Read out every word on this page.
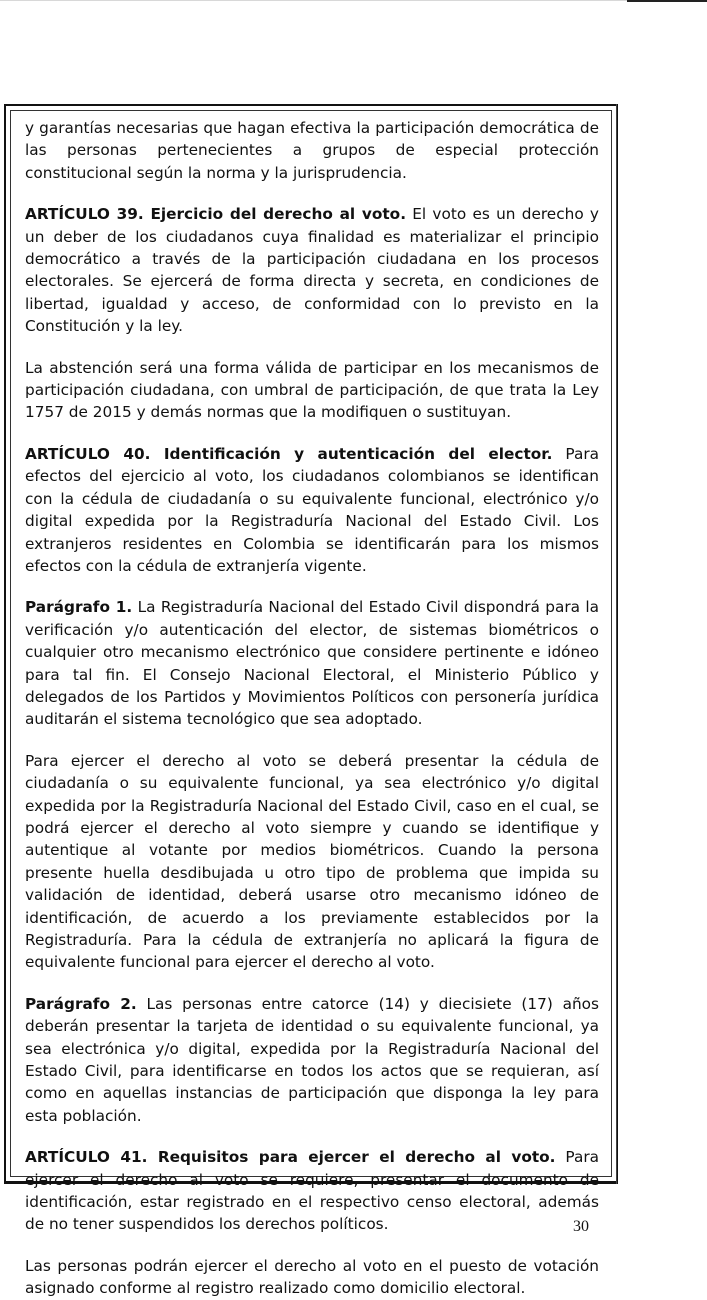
y garantías necesarias que hagan efectiva la participación democrática de las personas pertenecientes a grupos de especial protección constitucional según la norma y la jurisprudencia.

ARTÍCULO 39. Ejercicio del derecho al voto. El voto es un derecho y un deber de los ciudadanos cuya finalidad es materializar el principio democrático a través de la participación ciudadana en los procesos electorales. Se ejercerá de forma directa y secreta, en condiciones de libertad, igualdad y acceso, de conformidad con lo previsto en la Constitución y la ley.

La abstención será una forma válida de participar en los mecanismos de participación ciudadana, con umbral de participación, de que trata la Ley 1757 de 2015 y demás normas que la modifiquen o sustituyan.

ARTÍCULO 40. Identificación y autenticación del elector. Para efectos del ejercicio al voto, los ciudadanos colombianos se identifican con la cédula de ciudadanía o su equivalente funcional, electrónico y/o digital expedida por la Registraduría Nacional del Estado Civil. Los extranjeros residentes en Colombia se identificarán para los mismos efectos con la cédula de extranjería vigente.

Parágrafo 1. La Registraduría Nacional del Estado Civil dispondrá para la verificación y/o autenticación del elector, de sistemas biométricos o cualquier otro mecanismo electrónico que considere pertinente e idóneo para tal fin. El Consejo Nacional Electoral, el Ministerio Público y delegados de los Partidos y Movimientos Políticos con personería jurídica auditarán el sistema tecnológico que sea adoptado.

Para ejercer el derecho al voto se deberá presentar la cédula de ciudadanía o su equivalente funcional, ya sea electrónico y/o digital expedida por la Registraduría Nacional del Estado Civil, caso en el cual, se podrá ejercer el derecho al voto siempre y cuando se identifique y autentique al votante por medios biométricos. Cuando la persona presente huella desdibujada u otro tipo de problema que impida su validación de identidad, deberá usarse otro mecanismo idóneo de identificación, de acuerdo a los previamente establecidos por la Registraduría. Para la cédula de extranjería no aplicará la figura de equivalente funcional para ejercer el derecho al voto.

Parágrafo 2. Las personas entre catorce (14) y diecisiete (17) años deberán presentar la tarjeta de identidad o su equivalente funcional, ya sea electrónica y/o digital, expedida por la Registraduría Nacional del Estado Civil, para identificarse en todos los actos que se requieran, así como en aquellas instancias de participación que disponga la ley para esta población.

ARTÍCULO 41. Requisitos para ejercer el derecho al voto. Para ejercer el derecho al voto se requiere, presentar el documento de identificación, estar registrado en el respectivo censo electoral, además de no tener suspendidos los derechos políticos.

Las personas podrán ejercer el derecho al voto en el puesto de votación asignado conforme al registro realizado como domicilio electoral.

30
